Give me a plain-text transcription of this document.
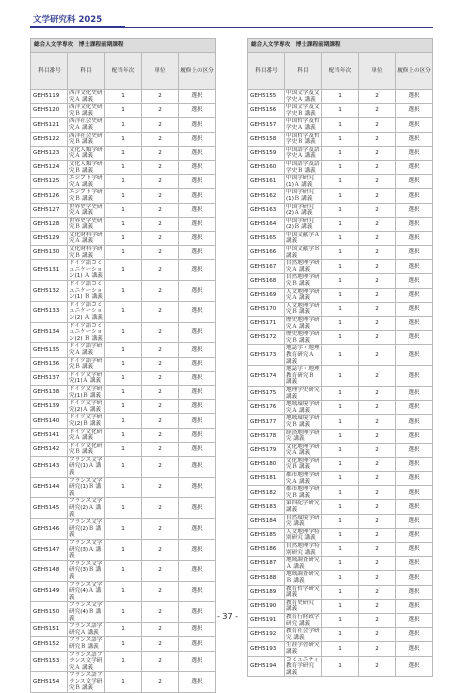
文学研究科 2025
総合人文学専攻　博士課程前期課程				
科目番号	科目	配当年次	単位	履修上の区分
GEH5119	西洋文化史研究Ａ 講義	1	2	選択
GEH5120	西洋文化史研究Ｂ 講義	1	2	選択
GEH5121	西洋社会史研究Ａ 講義	1	2	選択
GEH5122	西洋社会史研究Ｂ 講義	1	2	選択
GEH5123	文化人類学研究Ａ 講義	1	2	選択
GEH5124	文化人類学研究Ｂ 講義	1	2	選択
GEH5125	エジプト学研究Ａ 講義	1	2	選択
GEH5126	エジプト学研究Ｂ 講義	1	2	選択
GEH5127	世界史学史研究Ａ 講義	1	2	選択
GEH5128	世界史学史研究Ｂ 講義	1	2	選択
GEH5129	文化財科学研究Ａ 講義	1	2	選択
GEH5130	文化財科学研究Ｂ 講義	1	2	選択
GEH5131	ドイツ語コミュニケーション(1) Ａ 講義	1	2	選択
GEH5132	ドイツ語コミュニケーション(1) Ｂ 講義	1	2	選択
GEH5133	ドイツ語コミュニケーション(2) Ａ 講義	1	2	選択
GEH5134	ドイツ語コミュニケーション(2) Ｂ 講義	1	2	選択
GEH5135	ドイツ語学研究Ａ 講義	1	2	選択
GEH5136	ドイツ語学研究Ｂ 講義	1	2	選択
GEH5137	ドイツ文学研究(1)Ａ 講義	1	2	選択
GEH5138	ドイツ文学研究(1)Ｂ 講義	1	2	選択
GEH5139	ドイツ文学研究(2)Ａ 講義	1	2	選択
GEH5140	ドイツ文学研究(2)Ｂ 講義	1	2	選択
GEH5141	ドイツ文化研究Ａ 講義	1	2	選択
GEH5142	ドイツ文化研究Ｂ 講義	1	2	選択
GEH5143	フランス文学研究(1)Ａ 講義	1	2	選択
GEH5144	フランス文学研究(1)Ｂ 講義	1	2	選択
GEH5145	フランス文学研究(2)Ａ 講義	1	2	選択
GEH5146	フランス文学研究(2)Ｂ 講義	1	2	選択
GEH5147	フランス文学研究(3)Ａ 講義	1	2	選択
GEH5148	フランス文学研究(3)Ｂ 講義	1	2	選択
GEH5149	フランス文学研究(4)Ａ 講義	1	2	選択
GEH5150	フランス文学研究(4)Ｂ 講義	1	2	選択
GEH5151	フランス語学研究Ａ 講義	1	2	選択
GEH5152	フランス語学研究Ｂ 講義	1	2	選択
GEH5153	フランス語フランス文学研究Ａ 講義	1	2	選択
GEH5154	フランス語フランス文学研究Ｂ 講義	1	2	選択
総合人文学専攻　博士課程前期課程				
科目番号	科目	配当年次	単位	履修上の区分
GEH5155	中国文学及文学史Ａ 講義	1	2	選択
GEH5156	中国文学及文学史Ｂ 講義	1	2	選択
GEH5157	中国哲学及哲学史Ａ 講義	1	2	選択
GEH5158	中国哲学及哲学史Ｂ 講義	1	2	選択
GEH5159	中国語学及語学史Ａ 講義	1	2	選択
GEH5160	中国語学及語学史Ｂ 講義	1	2	選択
GEH5161	中国学研究(1)Ａ 講義	1	2	選択
GEH5162	中国学研究(1)Ｂ 講義	1	2	選択
GEH5163	中国学研究(2)Ａ 講義	1	2	選択
GEH5164	中国学研究(2)Ｂ 講義	1	2	選択
GEH5165	中国文献学Ａ 講義	1	2	選択
GEH5166	中国文献学Ｂ 講義	1	2	選択
GEH5167	自然地理学研究Ａ 講義	1	2	選択
GEH5168	自然地理学研究Ｂ 講義	1	2	選択
GEH5169	人文地理学研究Ａ 講義	1	2	選択
GEH5170	人文地理学研究Ｂ 講義	1	2	選択
GEH5171	歴史地理学研究Ａ 講義	1	2	選択
GEH5172	歴史地理学研究Ｂ 講義	1	2	選択
GEH5173	地誌学・地理教育研究Ａ 講義	1	2	選択
GEH5174	地誌学・地理教育研究Ｂ 講義	1	2	選択
GEH5175	地理学史研究 講義	1	2	選択
GEH5176	地域環境学研究Ａ 講義	1	2	選択
GEH5177	地域環境学研究Ｂ 講義	1	2	選択
GEH5178	経済地理学研究 講義	1	2	選択
GEH5179	文化地理学研究Ａ 講義	1	2	選択
GEH5180	文化地理学研究Ｂ 講義	1	2	選択
GEH5181	都市地理学研究Ａ 講義	1	2	選択
GEH5182	都市地理学研究Ｂ 講義	1	2	選択
GEH5183	第四紀学研究 講義	1	2	選択
GEH5184	自然環境学研究 講義	1	2	選択
GEH5185	人文地理学特別研究 講義	1	2	選択
GEH5186	自然地理学特別研究 講義	1	2	選択
GEH5187	地域調査研究Ａ 講義	1	2	選択
GEH5188	地域調査研究Ｂ 講義	1	2	選択
GEH5189	教育哲学研究 講義	1	2	選択
GEH5190	教育史研究 講義	1	2	選択
GEH5191	教育行財政学研究 講義	1	2	選択
GEH5192	教育社会学研究 講義	1	2	選択
GEH5193	生涯学習研究 講義	1	2	選択
GEH5194	コミュニティ教育学研究 講義	1	2	選択
- 37 -
